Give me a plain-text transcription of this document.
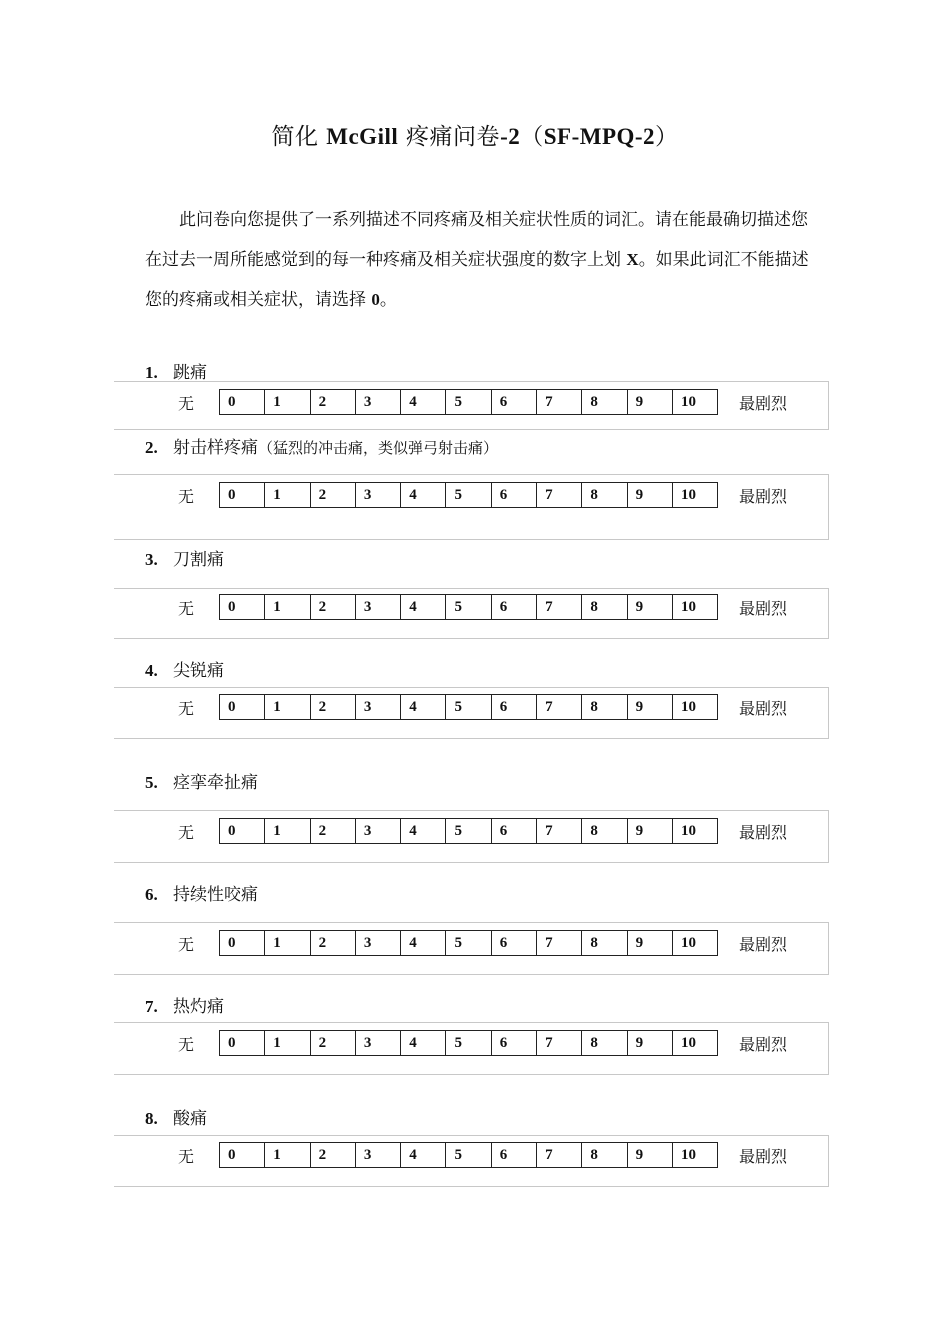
简化 McGill 疼痛问卷-2（SF-MPQ-2）

此问卷向您提供了一系列描述不同疼痛及相关症状性质的词汇。请在能最确切描述您在过去一周所能感觉到的每一种疼痛及相关症状强度的数字上划 X。如果此词汇不能描述您的疼痛或相关症状，请选择 0。

1. 跳痛
无	0	1	2	3	4	5	6	7	8	9	10	最剧烈
2. 射击样疼痛（猛烈的冲击痛，类似弹弓射击痛）
无	0	1	2	3	4	5	6	7	8	9	10	最剧烈
3. 刀割痛
无	0	1	2	3	4	5	6	7	8	9	10	最剧烈
4. 尖锐痛
无	0	1	2	3	4	5	6	7	8	9	10	最剧烈
5. 痉挛牵扯痛
无	0	1	2	3	4	5	6	7	8	9	10	最剧烈
6. 持续性咬痛
无	0	1	2	3	4	5	6	7	8	9	10	最剧烈
7. 热灼痛
无	0	1	2	3	4	5	6	7	8	9	10	最剧烈
8. 酸痛
无	0	1	2	3	4	5	6	7	8	9	10	最剧烈
